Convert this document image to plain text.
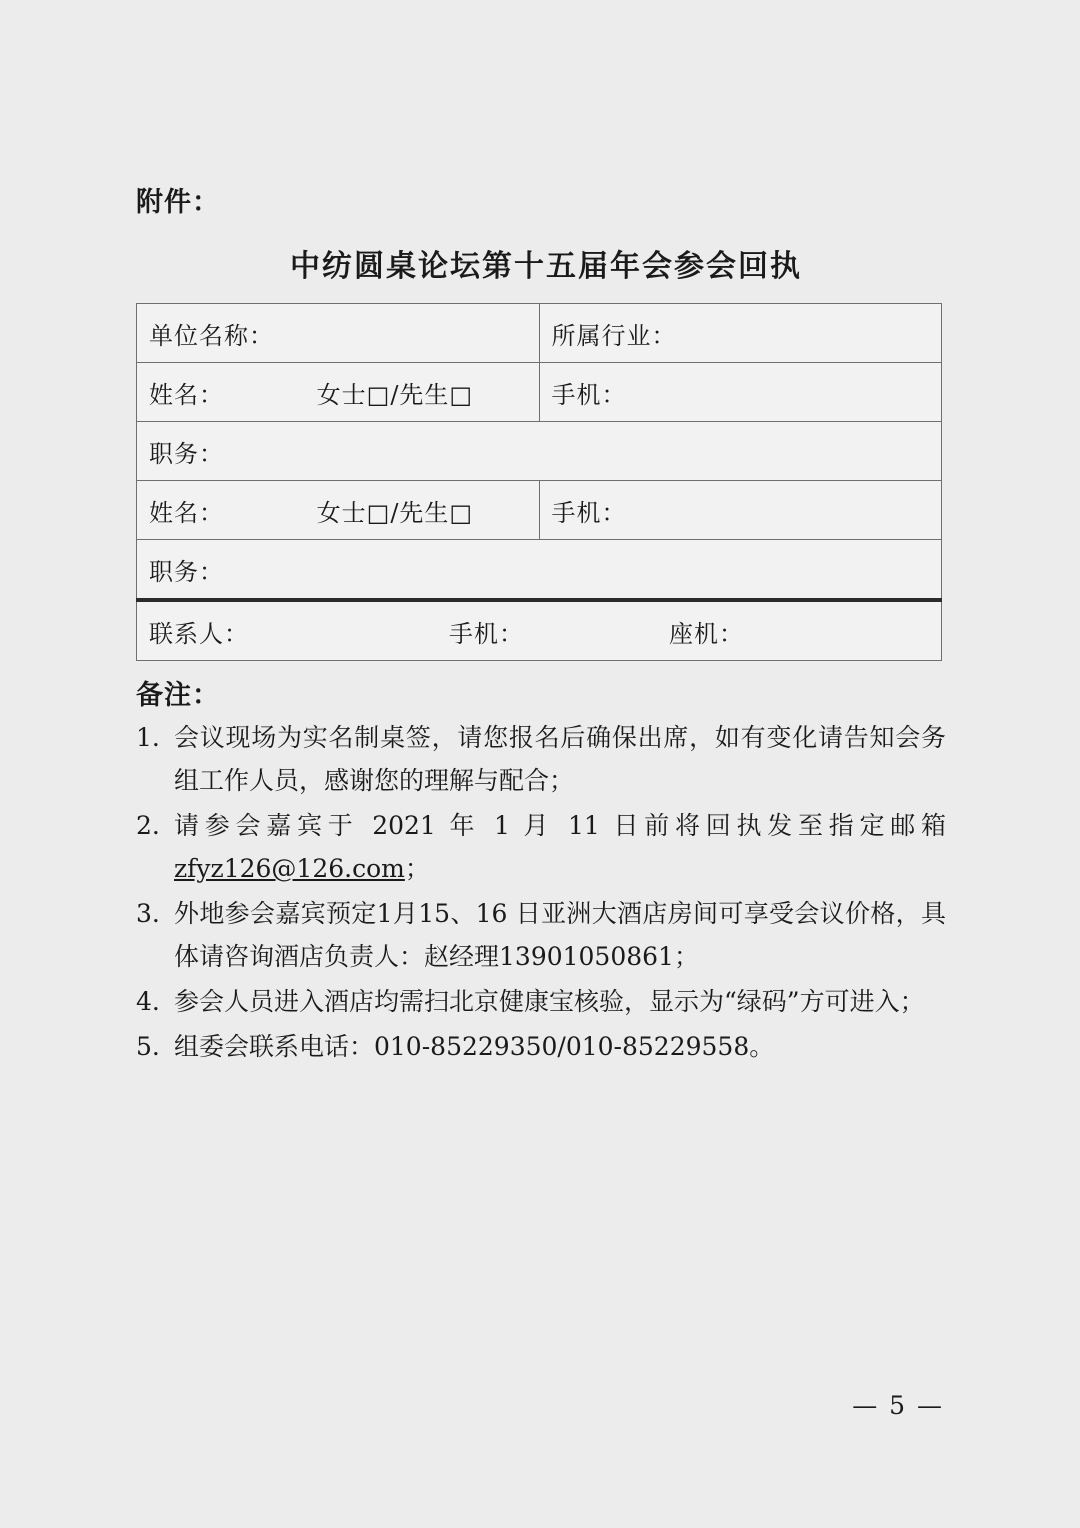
附件：
中纺圆桌论坛第十五届年会参会回执
单位名称：	所属行业：
姓名： 女士□/先生□	手机：
职务：	
姓名： 女士□/先生□	手机：
职务：	

联系人： 手机： 座机：	
备注：
1. 会议现场为实名制桌签，请您报名后确保出席，如有变化请告知会务组工作人员，感谢您的理解与配合；
2. 请参会嘉宾于 2021 年 1 月 11 日前将回执发至指定邮箱
zfyz126@126.com；
3. 外地参会嘉宾预定1月15、16 日亚洲大酒店房间可享受会议价格，具体请咨询酒店负责人：赵经理13901050861；
4. 参会人员进入酒店均需扫北京健康宝核验，显示为“绿码”方可进入；
5. 组委会联系电话：010-85229350/010-85229558。
— 5 —
